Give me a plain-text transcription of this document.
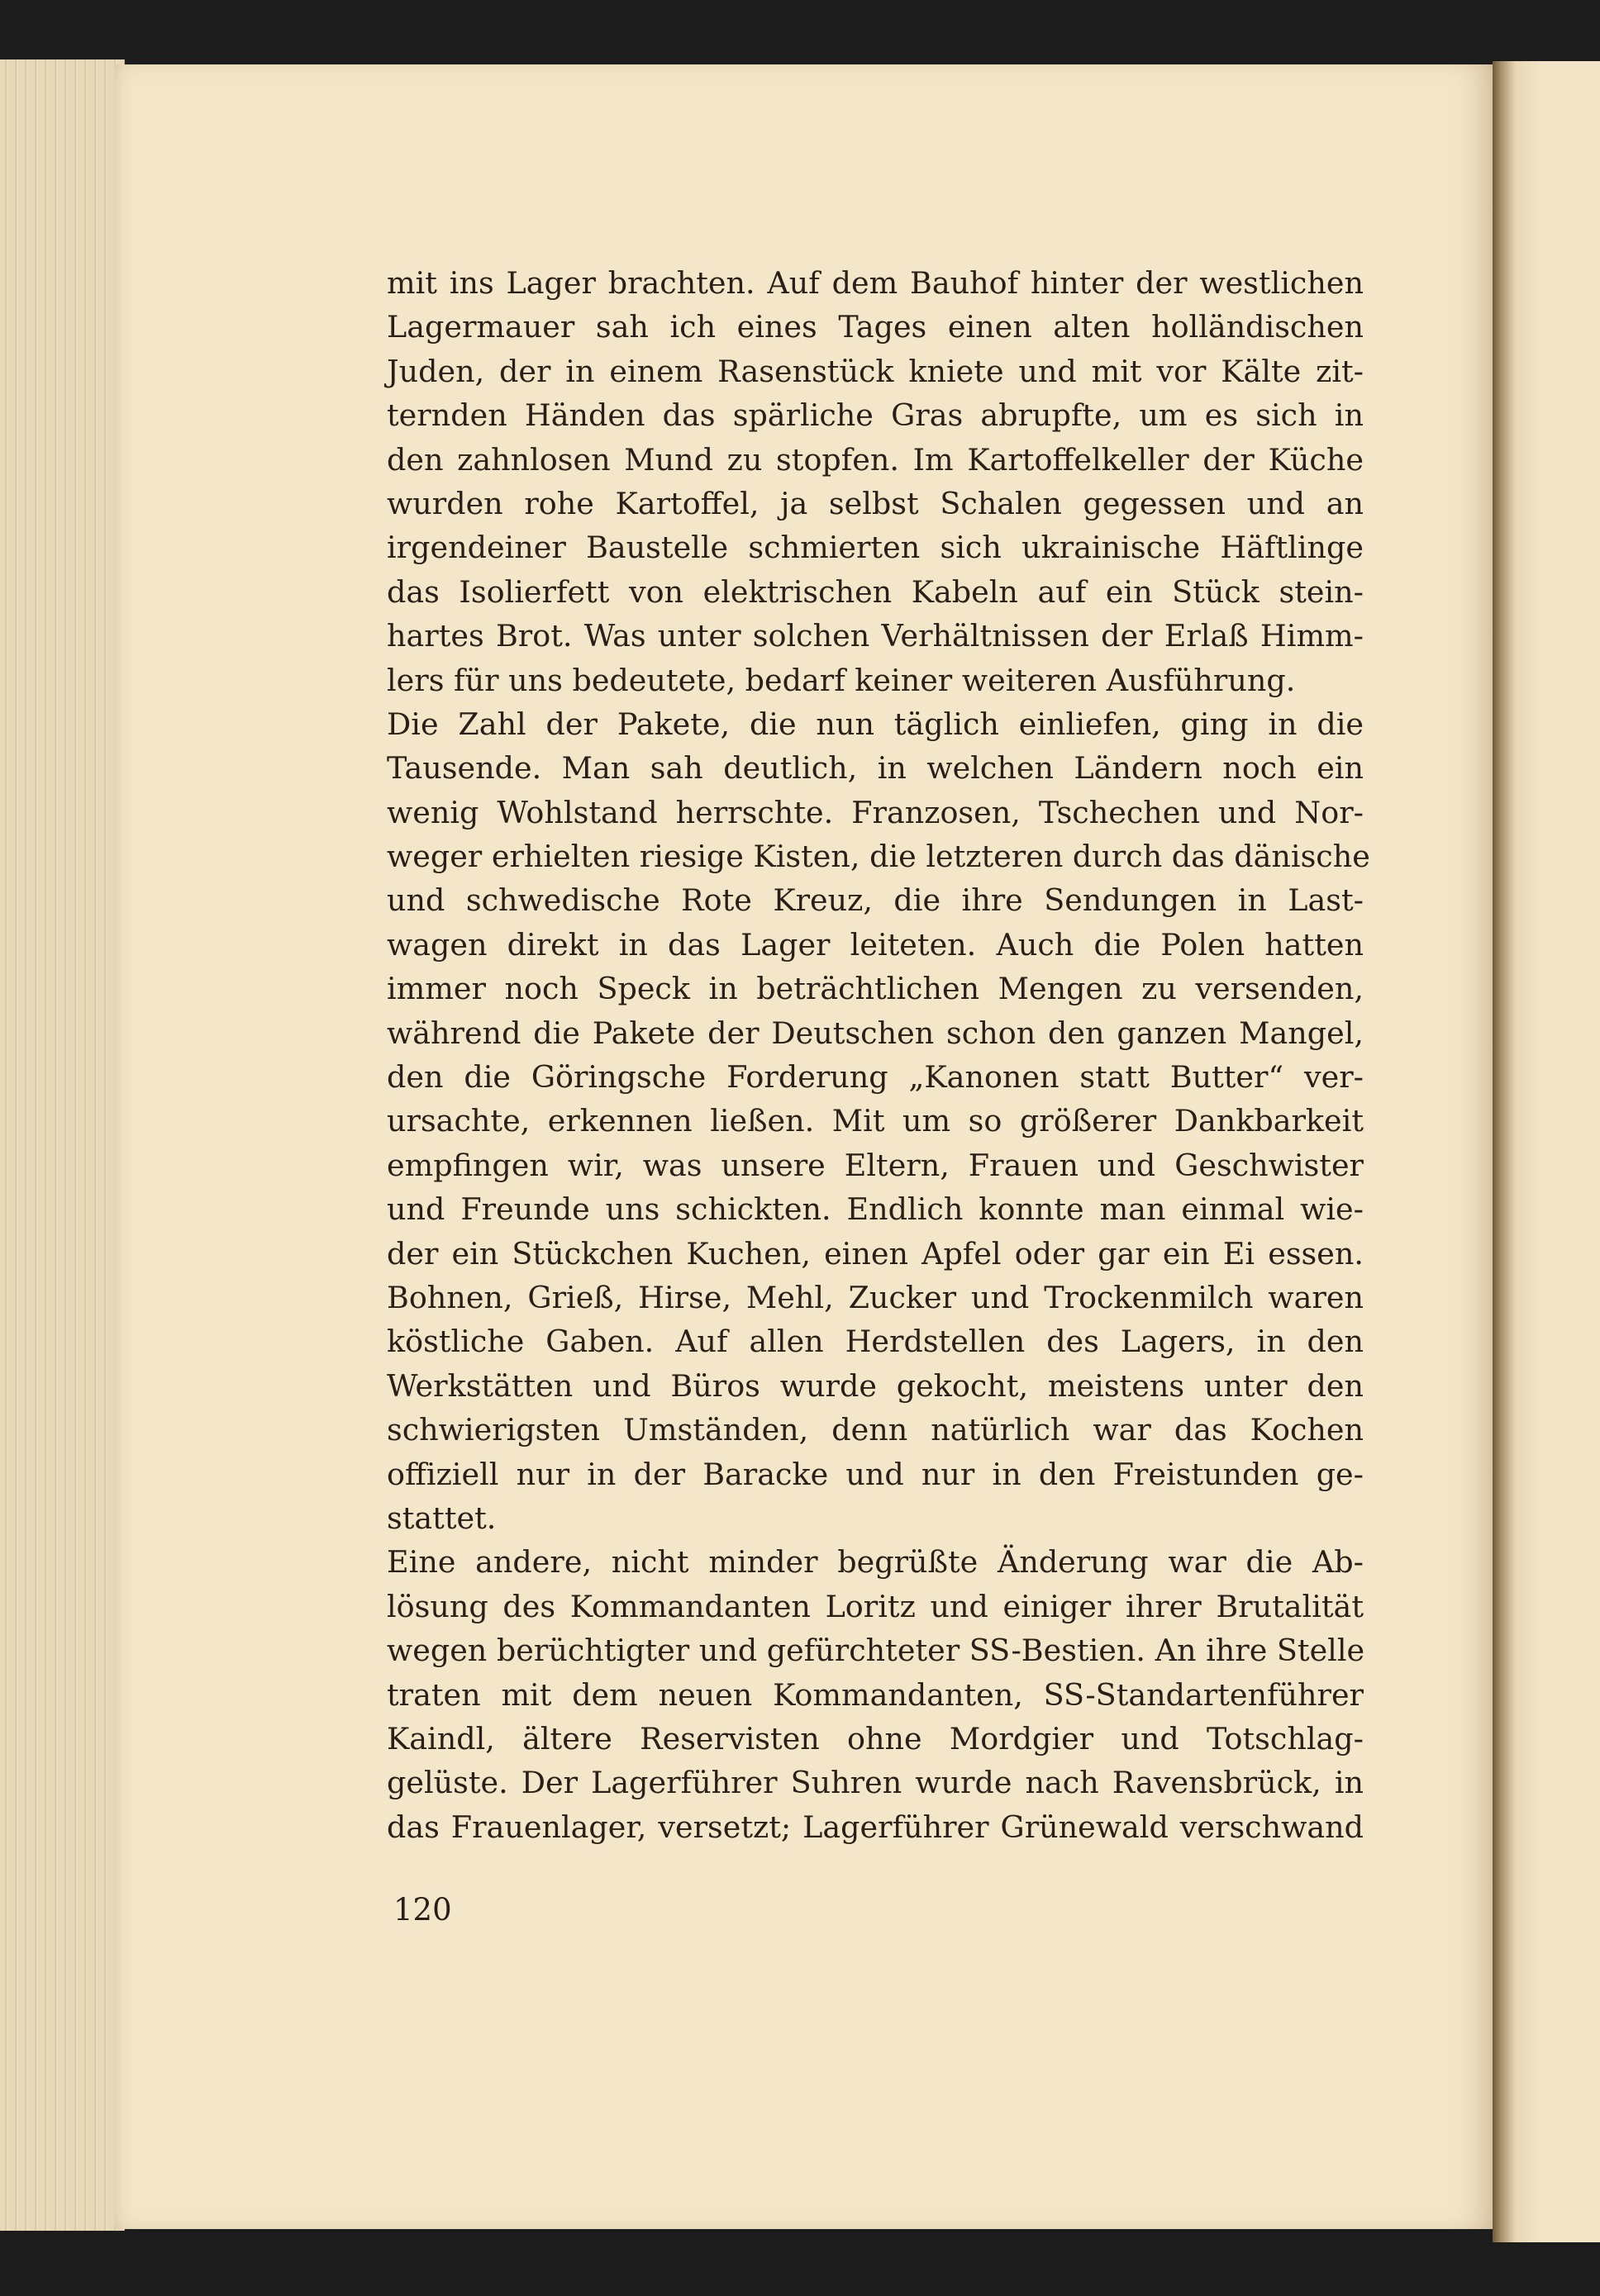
mit ins Lager brachten. Auf dem Bauhof hinter der westlichen
Lagermauer sah ich eines Tages einen alten holländischen
Juden, der in einem Rasenstück kniete und mit vor Kälte zit-
ternden Händen das spärliche Gras abrupfte, um es sich in
den zahnlosen Mund zu stopfen. Im Kartoffelkeller der Küche
wurden rohe Kartoffel, ja selbst Schalen gegessen und an
irgendeiner Baustelle schmierten sich ukrainische Häftlinge
das Isolierfett von elektrischen Kabeln auf ein Stück stein-
hartes Brot. Was unter solchen Verhältnissen der Erlaß Himm-
lers für uns bedeutete, bedarf keiner weiteren Ausführung.
Die Zahl der Pakete, die nun täglich einliefen, ging in die
Tausende. Man sah deutlich, in welchen Ländern noch ein
wenig Wohlstand herrschte. Franzosen, Tschechen und Nor-
weger erhielten riesige Kisten, die letzteren durch das dänische
und schwedische Rote Kreuz, die ihre Sendungen in Last-
wagen direkt in das Lager leiteten. Auch die Polen hatten
immer noch Speck in beträchtlichen Mengen zu versenden,
während die Pakete der Deutschen schon den ganzen Mangel,
den die Göringsche Forderung „Kanonen statt Butter“ ver-
ursachte, erkennen ließen. Mit um so größerer Dankbarkeit
empfingen wir, was unsere Eltern, Frauen und Geschwister
und Freunde uns schickten. Endlich konnte man einmal wie-
der ein Stückchen Kuchen, einen Apfel oder gar ein Ei essen.
Bohnen, Grieß, Hirse, Mehl, Zucker und Trockenmilch waren
köstliche Gaben. Auf allen Herdstellen des Lagers, in den
Werkstätten und Büros wurde gekocht, meistens unter den
schwierigsten Umständen, denn natürlich war das Kochen
offiziell nur in der Baracke und nur in den Freistunden ge-
stattet.
Eine andere, nicht minder begrüßte Änderung war die Ab-
lösung des Kommandanten Loritz und einiger ihrer Brutalität
wegen berüchtigter und gefürchteter SS-Bestien. An ihre Stelle
traten mit dem neuen Kommandanten, SS-Standartenführer
Kaindl, ältere Reservisten ohne Mordgier und Totschlag-
gelüste. Der Lagerführer Suhren wurde nach Ravensbrück, in
das Frauenlager, versetzt; Lagerführer Grünewald verschwand
120
